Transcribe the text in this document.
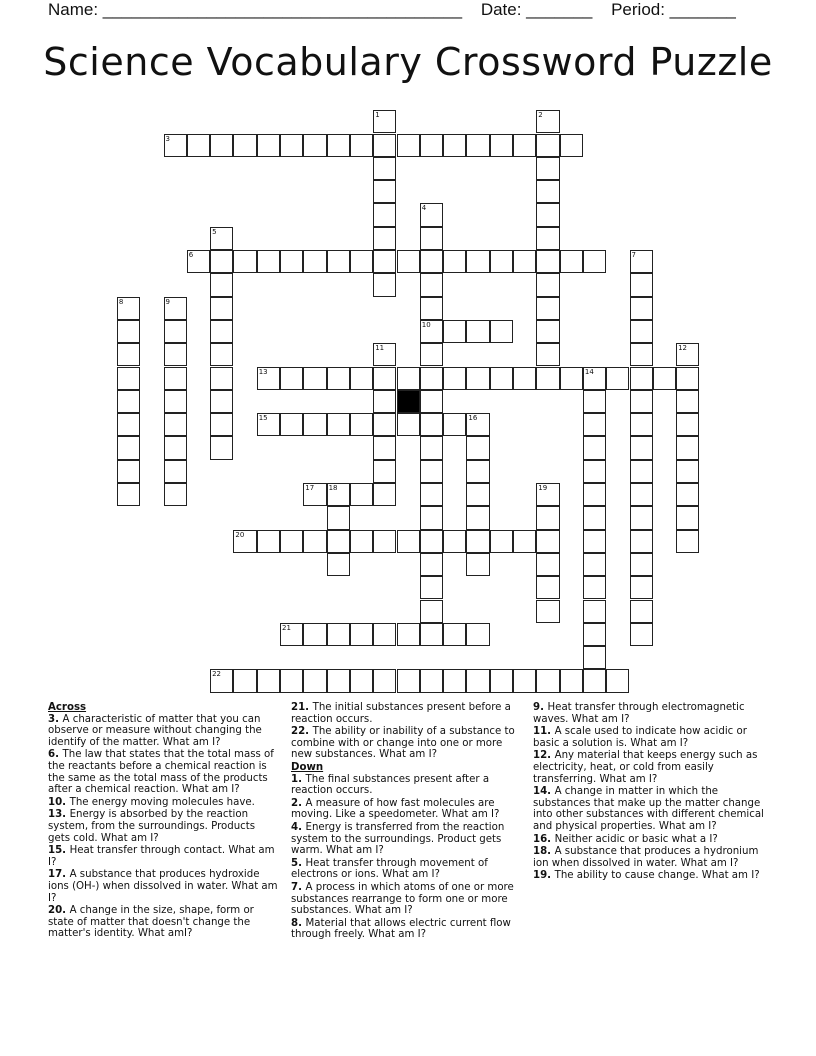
Name: ______________________________________ Date: _______ Period: _______
Science Vocabulary Crossword Puzzle
3
6
10
13	14
15
17 18
20
21
22
1	2
4
5
7
8	9
11	12
16
19
Across
3. A characteristic of matter that you can observe or measure without changing the identify of the matter. What am I?
6. The law that states that the total mass of the reactants before a chemical reaction is the same as the total mass of the products after a chemical reaction. What am I?
10. The energy moving molecules have.
13. Energy is absorbed by the reaction system, from the surroundings. Products gets cold. What am I?
15. Heat transfer through contact. What am I?
17. A substance that produces hydroxide ions (OH-) when dissolved in water. What am I?
20. A change in the size, shape, form or state of matter that doesn't change the matter's identity. What amI?
21. The initial substances present before a reaction occurs.
22. The ability or inability of a substance to combine with or change into one or more new substances. What am I?
Down
1. The final substances present after a reaction occurs.
2. A measure of how fast molecules are moving. Like a speedometer. What am I?
4. Energy is transferred from the reaction system to the surroundings. Product gets warm. What am I?
5. Heat transfer through movement of electrons or ions. What am I?
7. A process in which atoms of one or more substances rearrange to form one or more substances. What am I?
8. Material that allows electric current flow through freely. What am I?
9. Heat transfer through electromagnetic waves. What am I?
11. A scale used to indicate how acidic or basic a solution is. What am I?
12. Any material that keeps energy such as electricity, heat, or cold from easily transferring. What am I?
14. A change in matter in which the substances that make up the matter change into other substances with different chemical and physical properties. What am I?
16. Neither acidic or basic what a I?
18. A substance that produces a hydronium ion when dissolved in water. What am I?
19. The ability to cause change. What am I?
